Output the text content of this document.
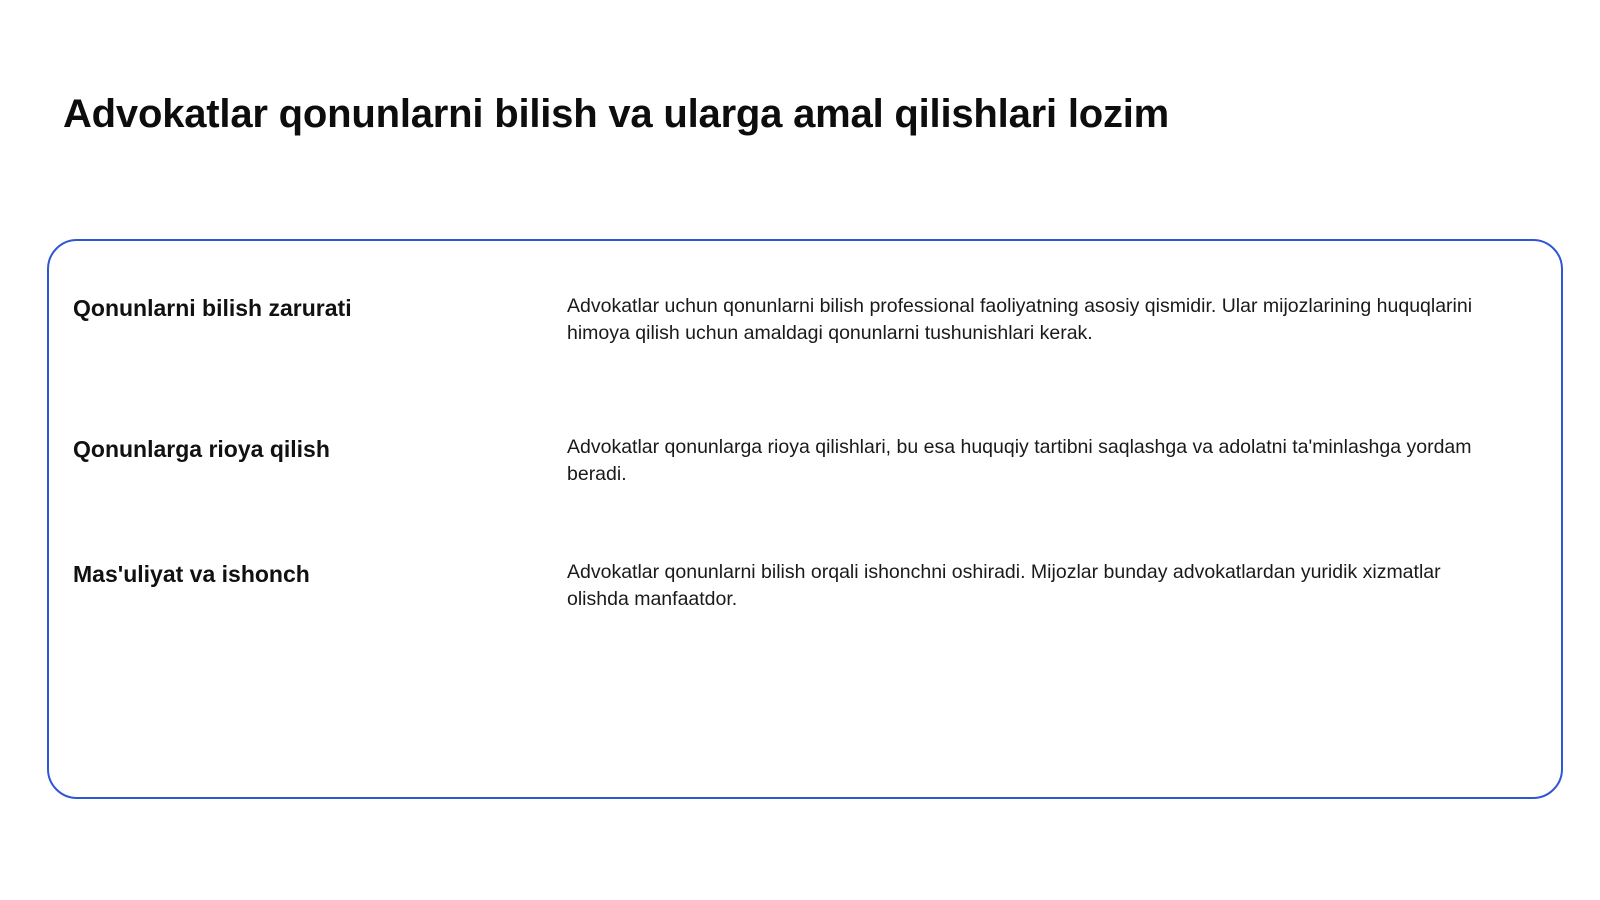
Advokatlar qonunlarni bilish va ularga amal qilishlari lozim
Qonunlarni bilish zarurati	Advokatlar uchun qonunlarni bilish professional faoliyatning asosiy qismidir. Ular mijozlarining huquqlarini himoya qilish uchun amaldagi qonunlarni tushunishlari kerak.

Qonunlarga rioya qilish	Advokatlar qonunlarga rioya qilishlari, bu esa huquqiy tartibni saqlashga va adolatni ta'minlashga yordam beradi.

Mas'uliyat va ishonch	Advokatlar qonunlarni bilish orqali ishonchni oshiradi. Mijozlar bunday advokatlardan yuridik xizmatlar olishda manfaatdor.
